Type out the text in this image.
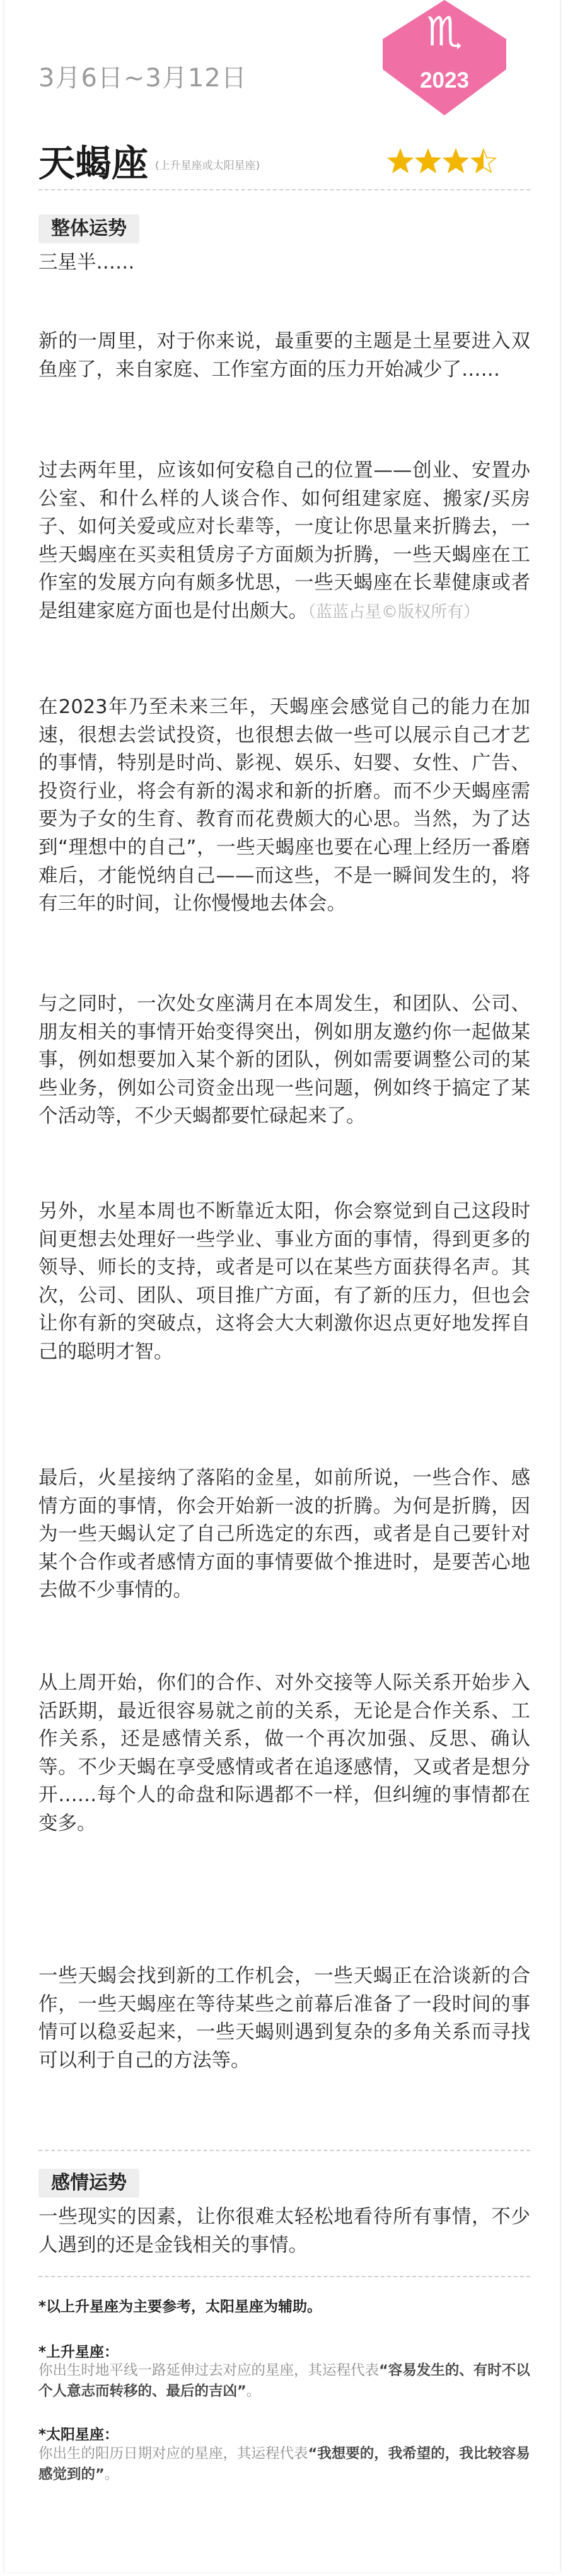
3月6日~3月12日
♏
2023
天蝎座 (上升星座或太阳星座)
整体运势

三星半……

新的一周里，对于你来说，最重要的主题是土星要进入双鱼座了，来自家庭、工作室方面的压力开始减少了……

过去两年里，应该如何安稳自己的位置——创业、安置办公室、和什么样的人谈合作、如何组建家庭、搬家/买房子、如何关爱或应对长辈等，一度让你思量来折腾去，一些天蝎座在买卖租赁房子方面颇为折腾，一些天蝎座在工作室的发展方向有颇多忧思，一些天蝎座在长辈健康或者是组建家庭方面也是付出颇大。（蓝蓝占星©版权所有）

在2023年乃至未来三年，天蝎座会感觉自己的能力在加速，很想去尝试投资，也很想去做一些可以展示自己才艺的事情，特别是时尚、影视、娱乐、妇婴、女性、广告、投资行业，将会有新的渴求和新的折磨。而不少天蝎座需要为子女的生育、教育而花费颇大的心思。当然，为了达到“理想中的自己”，一些天蝎座也要在心理上经历一番磨难后，才能悦纳自己——而这些，不是一瞬间发生的，将有三年的时间，让你慢慢地去体会。

与之同时，一次处女座满月在本周发生，和团队、公司、朋友相关的事情开始变得突出，例如朋友邀约你一起做某事，例如想要加入某个新的团队，例如需要调整公司的某些业务，例如公司资金出现一些问题，例如终于搞定了某个活动等，不少天蝎都要忙碌起来了。

另外，水星本周也不断靠近太阳，你会察觉到自己这段时间更想去处理好一些学业、事业方面的事情，得到更多的领导、师长的支持，或者是可以在某些方面获得名声。其次，公司、团队、项目推广方面，有了新的压力，但也会让你有新的突破点，这将会大大刺激你迟点更好地发挥自己的聪明才智。

最后，火星接纳了落陷的金星，如前所说，一些合作、感情方面的事情，你会开始新一波的折腾。为何是折腾，因为一些天蝎认定了自己所选定的东西，或者是自己要针对某个合作或者感情方面的事情要做个推进时，是要苦心地去做不少事情的。

从上周开始，你们的合作、对外交接等人际关系开始步入活跃期，最近很容易就之前的关系，无论是合作关系、工作关系，还是感情关系，做一个再次加强、反思、确认等。不少天蝎在享受感情或者在追逐感情，又或者是想分开……每个人的命盘和际遇都不一样，但纠缠的事情都在变多。

一些天蝎会找到新的工作机会，一些天蝎正在洽谈新的合作，一些天蝎座在等待某些之前幕后准备了一段时间的事情可以稳妥起来，一些天蝎则遇到复杂的多角关系而寻找可以利于自己的方法等。

感情运势

一些现实的因素，让你很难太轻松地看待所有事情，不少人遇到的还是金钱相关的事情。

*以上升星座为主要参考，太阳星座为辅助。
*上升星座：

你出生时地平线一路延伸过去对应的星座，其运程代表“容易发生的、有时不以个人意志而转移的、最后的吉凶”。

*太阳星座：

你出生的阳历日期对应的星座，其运程代表“我想要的，我希望的，我比较容易感觉到的”。
